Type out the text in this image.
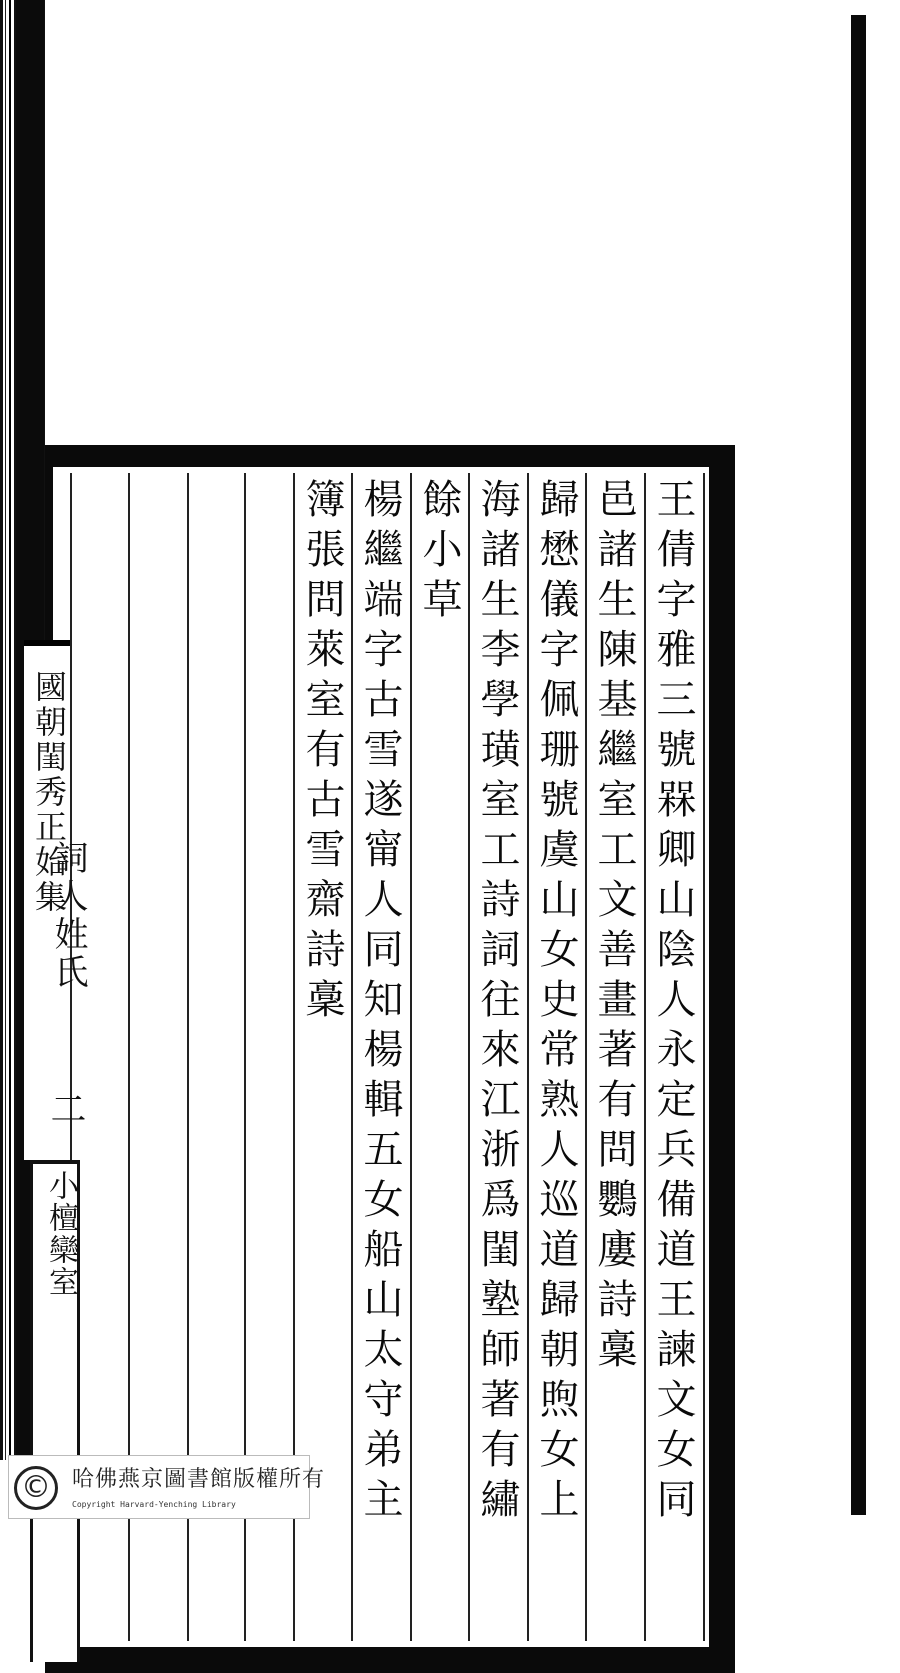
王倩字雅三號槑卿山陰人永定兵備道王諫文女同
邑諸生陳基繼室工文善畫著有問鸚廔詩稾
歸懋儀字佩珊號虞山女史常熟人巡道歸朝煦女上
海諸生李學璜室工詩詞往來江浙爲閨塾師著有繡
餘小草
楊繼端字古雪遂甯人同知楊輯五女船山太守弟主
簿張問萊室有古雪齋詩稾
國朝閨秀正始集
詞人姓氏
二
小檀欒室
© 哈佛燕京圖書館版權所有
Copyright Harvard-Yenching Library
